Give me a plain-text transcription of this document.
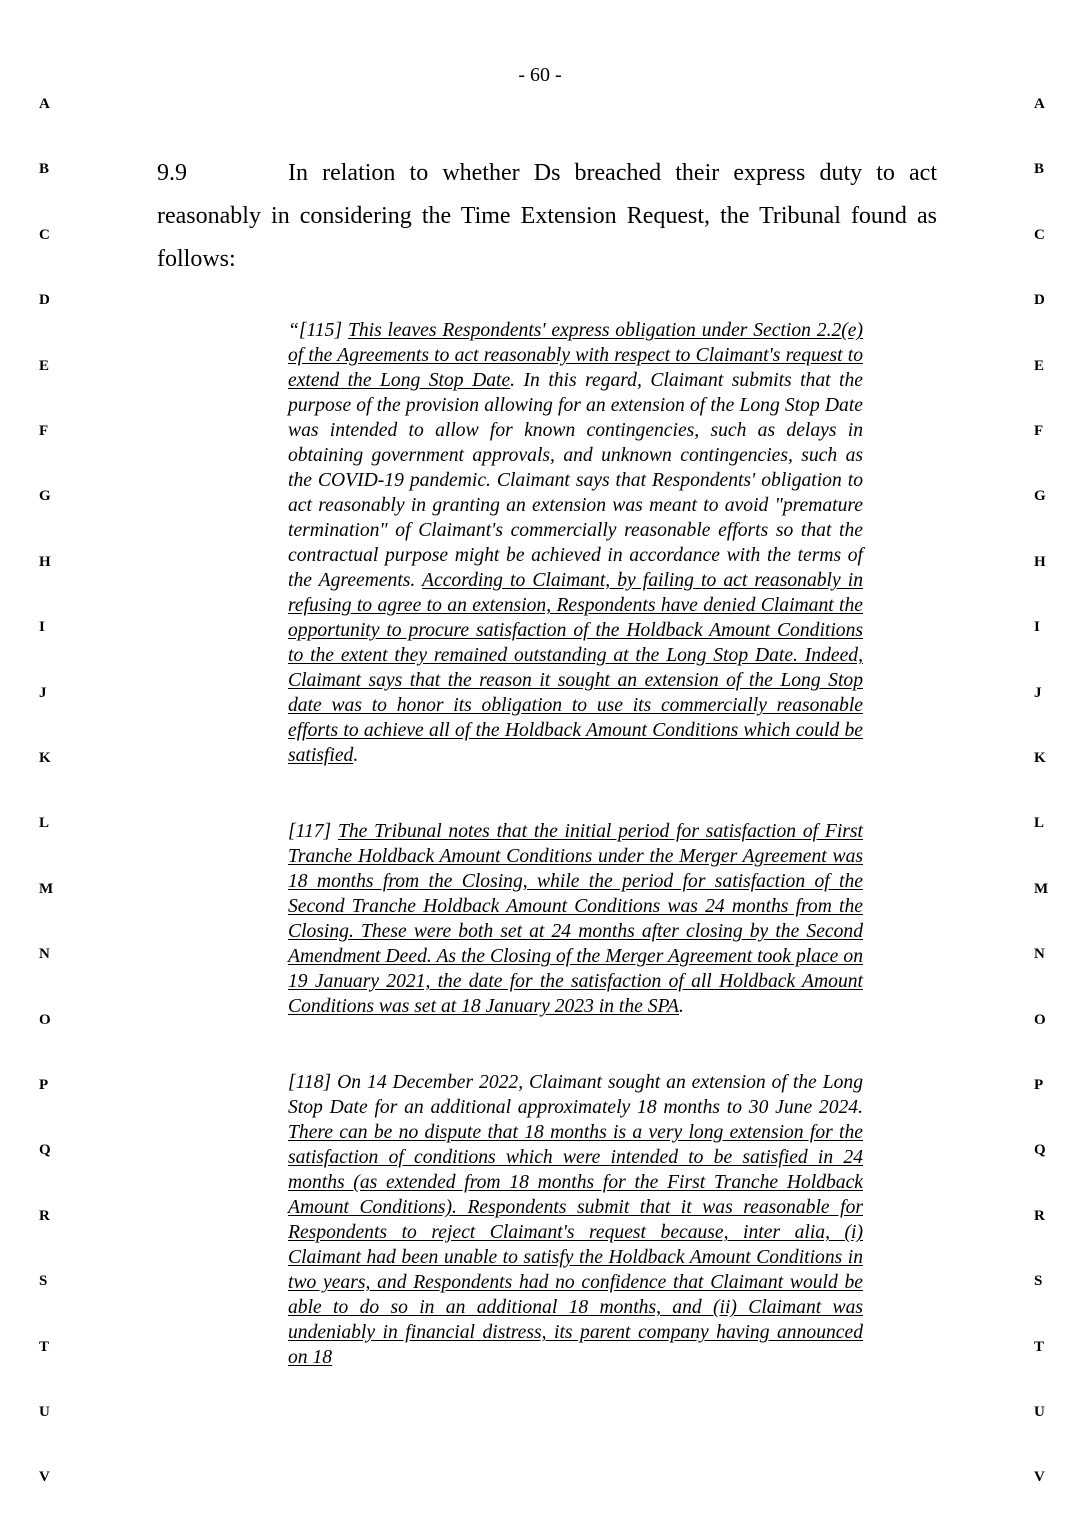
- 60 -
A	A
B	B
C	C
D	D
E	E
F	F
G	G
H	H
I	I
J	J
K	K
L	L
M	M
N	N
O	O
P	P
Q	Q
R	R
S	S
T	T
U	U
V	V
9.9	In relation to whether Ds breached their express duty to act reasonably in considering the Time Extension Request, the Tribunal found as follows:
“[115] This leaves Respondents' express obligation under Section 2.2(e) of the Agreements to act reasonably with respect to Claimant's request to extend the Long Stop Date. In this regard, Claimant submits that the purpose of the provision allowing for an extension of the Long Stop Date was intended to allow for known contingencies, such as delays in obtaining government approvals, and unknown contingencies, such as the COVID-19 pandemic. Claimant says that Respondents' obligation to act reasonably in granting an extension was meant to avoid "premature termination" of Claimant's commercially reasonable efforts so that the contractual purpose might be achieved in accordance with the terms of the Agreements. According to Claimant, by failing to act reasonably in refusing to agree to an extension, Respondents have denied Claimant the opportunity to procure satisfaction of the Holdback Amount Conditions to the extent they remained outstanding at the Long Stop Date. Indeed, Claimant says that the reason it sought an extension of the Long Stop date was to honor its obligation to use its commercially reasonable efforts to achieve all of the Holdback Amount Conditions which could be satisfied.
[117] The Tribunal notes that the initial period for satisfaction of First Tranche Holdback Amount Conditions under the Merger Agreement was 18 months from the Closing, while the period for satisfaction of the Second Tranche Holdback Amount Conditions was 24 months from the Closing. These were both set at 24 months after closing by the Second Amendment Deed. As the Closing of the Merger Agreement took place on 19 January 2021, the date for the satisfaction of all Holdback Amount Conditions was set at 18 January 2023 in the SPA.
[118] On 14 December 2022, Claimant sought an extension of the Long Stop Date for an additional approximately 18 months to 30 June 2024. There can be no dispute that 18 months is a very long extension for the satisfaction of conditions which were intended to be satisfied in 24 months (as extended from 18 months for the First Tranche Holdback Amount Conditions). Respondents submit that it was reasonable for Respondents to reject Claimant's request because, inter alia, (i) Claimant had been unable to satisfy the Holdback Amount Conditions in two years, and Respondents had no confidence that Claimant would be able to do so in an additional 18 months, and (ii) Claimant was undeniably in financial distress, its parent company having announced on 18
